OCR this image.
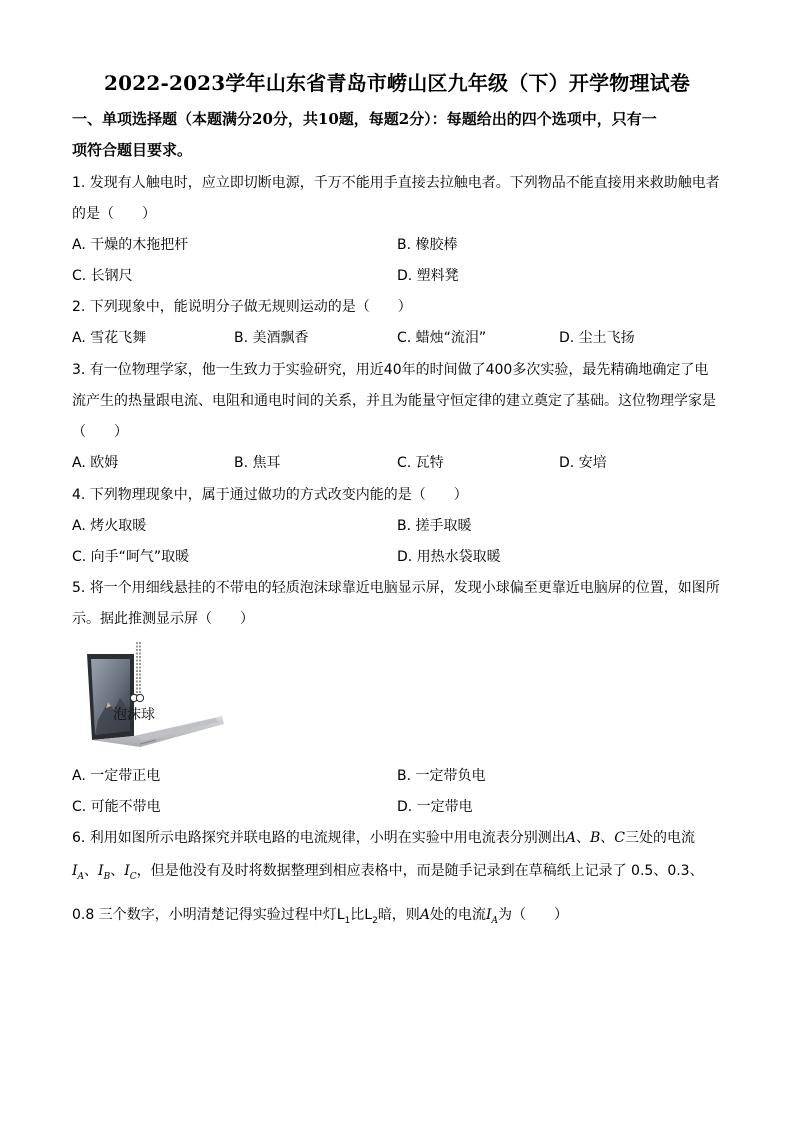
2022-2023学年山东省青岛市崂山区九年级（下）开学物理试卷
一、单项选择题（本题满分20分，共10题，每题2分）：每题给出的四个选项中，只有一
项符合题目要求。
1. 发现有人触电时，应立即切断电源，千万不能用手直接去拉触电者。下列物品不能直接用来救助触电者
的是（　　）
A. 干燥的木拖把杆	B. 橡胶棒
C. 长钢尺	D. 塑料凳
2. 下列现象中，能说明分子做无规则运动的是（　　）
A. 雪花飞舞	B. 美酒飘香	C. 蜡烛“流泪”	D. 尘土飞扬
3. 有一位物理学家，他一生致力于实验研究，用近40年的时间做了400多次实验，最先精确地确定了电
流产生的热量跟电流、电阻和通电时间的关系，并且为能量守恒定律的建立奠定了基础。这位物理学家是
（　　）
A. 欧姆	B. 焦耳	C. 瓦特	D. 安培
4. 下列物理现象中，属于通过做功的方式改变内能的是（　　）
A. 烤火取暖	B. 搓手取暖
C. 向手“呵气”取暖	D. 用热水袋取暖
5. 将一个用细线悬挂的不带电的轻质泡沫球靠近电脑显示屏，发现小球偏至更靠近电脑屏的位置，如图所
示。据此推测显示屏（　　）
泡沫球
A. 一定带正电	B. 一定带负电
C. 可能不带电	D. 一定带电
6. 利用如图所示电路探究并联电路的电流规律，小明在实验中用电流表分别测出A、B、C三处的电流
$I_A$、$I_B$、$I_C$，但是他没有及时将数据整理到相应表格中，而是随手记录到在草稿纸上记录了 0.5、0.3、
0.8 三个数字，小明清楚记得实验过程中灯$L_1$比$L_2$暗，则A处的电流$I_A$为（　　）
